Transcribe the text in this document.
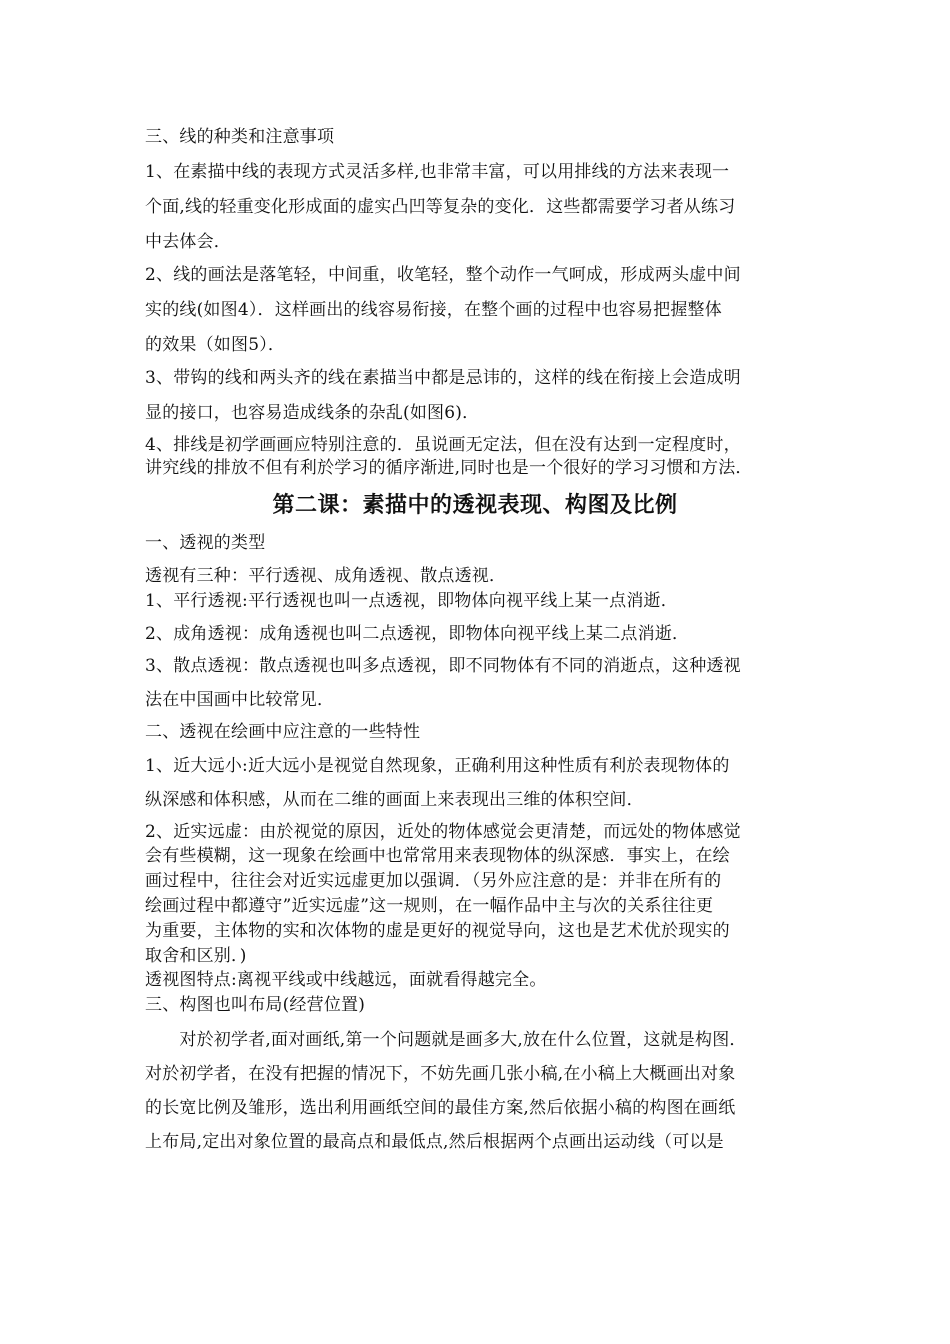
三、线的种类和注意事项
1、在素描中线的表现方式灵活多样,也非常丰富，可以用排线的方法来表现一
个面,线的轻重变化形成面的虚实凸凹等复杂的变化．这些都需要学习者从练习
中去体会．
2、线的画法是落笔轻，中间重，收笔轻，整个动作一气呵成，形成两头虚中间
实的线(如图4）．这样画出的线容易衔接，在整个画的过程中也容易把握整体
的效果（如图5）．
3、带钩的线和两头齐的线在素描当中都是忌讳的，这样的线在衔接上会造成明
显的接口，也容易造成线条的杂乱(如图6)．
4、排线是初学画画应特别注意的．虽说画无定法，但在没有达到一定程度时，
讲究线的排放不但有利於学习的循序渐进,同时也是一个很好的学习习惯和方法．
第二课：素描中的透视表现、构图及比例
一、透视的类型
透视有三种：平行透视、成角透视、散点透视．
1、平行透视:平行透视也叫一点透视，即物体向视平线上某一点消逝．
2、成角透视：成角透视也叫二点透视，即物体向视平线上某二点消逝．
3、散点透视：散点透视也叫多点透视，即不同物体有不同的消逝点，这种透视
法在中国画中比较常见．
二、透视在绘画中应注意的一些特性
1、近大远小:近大远小是视觉自然现象，正确利用这种性质有利於表现物体的
纵深感和体积感，从而在二维的画面上来表现出三维的体积空间．
2、近实远虚：由於视觉的原因，近处的物体感觉会更清楚，而远处的物体感觉
会有些模糊，这一现象在绘画中也常常用来表现物体的纵深感．事实上，在绘
画过程中，往往会对近实远虚更加以强调．（另外应注意的是：并非在所有的
绘画过程中都遵守”近实远虚”这一规则，在一幅作品中主与次的关系往往更
为重要，主体物的实和次体物的虚是更好的视觉导向，这也是艺术优於现实的
取舍和区别．)
透视图特点:离视平线或中线越远，面就看得越完全。
三、构图也叫布局(经营位置)
　　对於初学者,面对画纸,第一个问题就是画多大,放在什么位置，这就是构图．
对於初学者，在没有把握的情况下，不妨先画几张小稿,在小稿上大概画出对象
的长宽比例及雏形，选出利用画纸空间的最佳方案,然后依据小稿的构图在画纸
上布局,定出对象位置的最高点和最低点,然后根据两个点画出运动线（可以是
